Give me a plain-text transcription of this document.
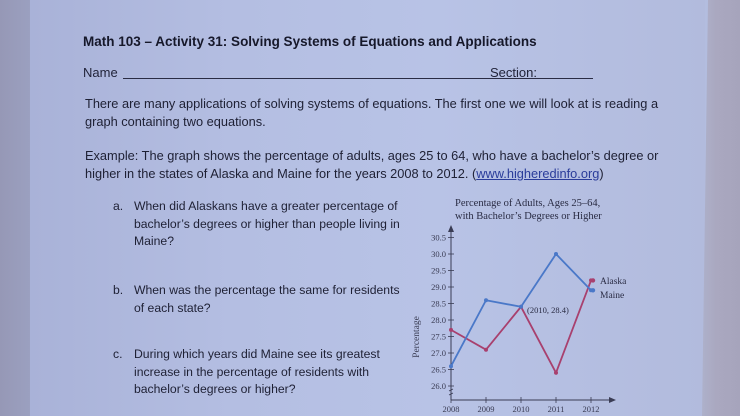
Math 103 – Activity 31: Solving Systems of Equations and Applications
Name	Section:
There are many applications of solving systems of equations. The first one we will look at is reading a graph containing two equations.
Example: The graph shows the percentage of adults, ages 25 to 64, who have a bachelor’s degree or higher in the states of Alaska and Maine for the years 2008 to 2012. (www.higheredinfo.org)
a. When did Alaskans have a greater percentage of bachelor’s degrees or higher than people living in Maine?
b. When was the percentage the same for residents of each state?
c. During which years did Maine see its greatest increase in the percentage of residents with bachelor’s degrees or higher?
Percentage of Adults, Ages 25–64,
with Bachelor’s Degrees or Higher
26.0
26.5
27.0
27.5
28.0
28.5
29.0
29.5
30.0
30.5
2008 2009 2010 2011 2012
Percentage
(2010, 28.4)
Alaska
Maine
